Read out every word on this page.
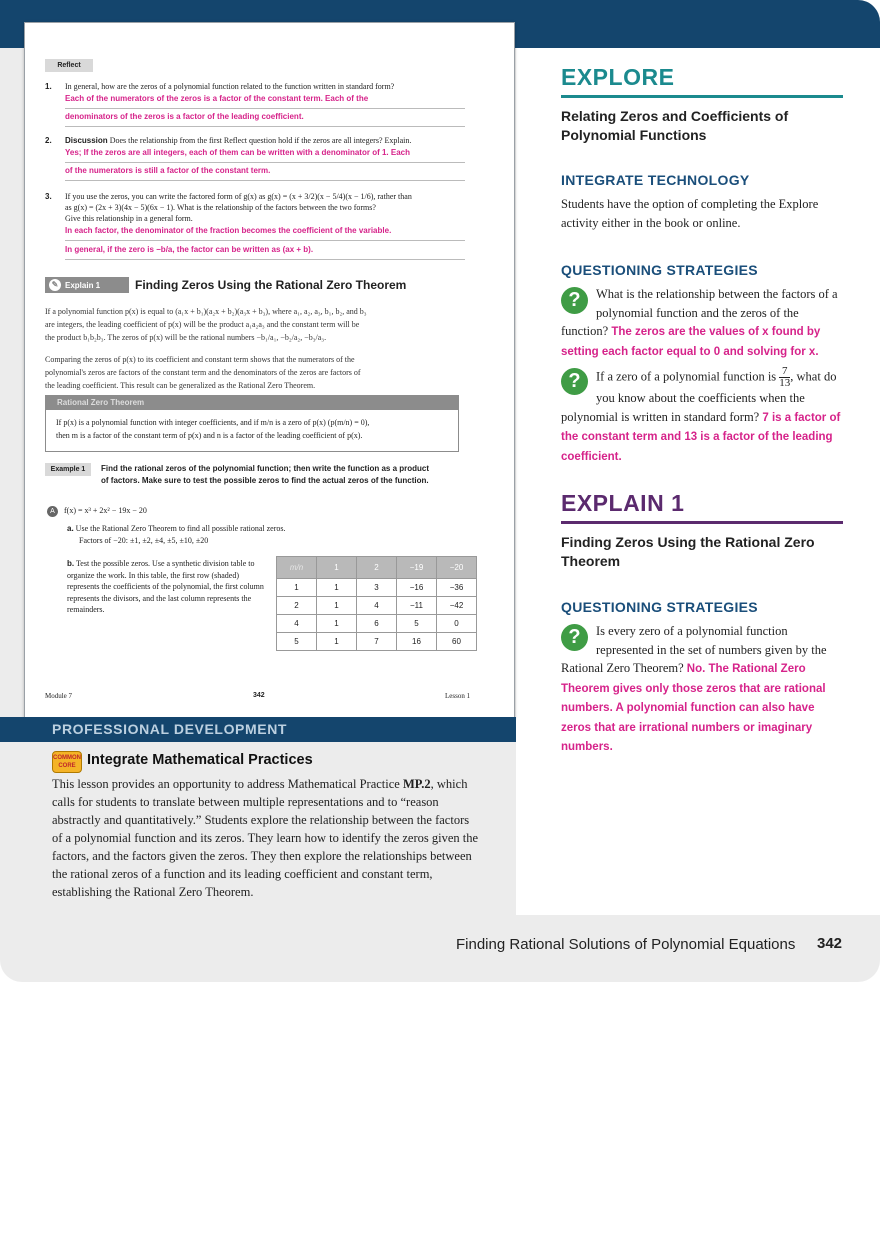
Reflect
1. In general, how are the zeros of a polynomial function related to the function written in standard form?
Each of the numerators of the zeros is a factor of the constant term. Each of the
denominators of the zeros is a factor of the leading coefficient.
2. Discussion Does the relationship from the first Reflect question hold if the zeros are all integers? Explain.
Yes; If the zeros are all integers, each of them can be written with a denominator of 1. Each
of the numerators is still a factor of the constant term.
3. If you use the zeros, you can write the factored form of g(x) as g(x) = (x + 3/2)(x − 5/4)(x − 1/6), rather than
as g(x) = (2x + 3)(4x − 5)(6x − 1). What is the relationship of the factors between the two forms?
Give this relationship in a general form.
In each factor, the denominator of the fraction becomes the coefficient of the variable.
In general, if the zero is −b/a, the factor can be written as (ax + b).
✎ Explain 1	Finding Zeros Using the Rational Zero Theorem
If a polynomial function p(x) is equal to (a₁x + b₁)(a₂x + b₂)(a₃x + b₃), where a₁, a₂, a₃, b₁, b₂, and b₃
are integers, the leading coefficient of p(x) will be the product a₁a₂a₃ and the constant term will be
the product b₁b₂b₃. The zeros of p(x) will be the rational numbers −b₁/a₁, −b₂/a₂, −b₃/a₃.
Comparing the zeros of p(x) to its coefficient and constant term shows that the numerators of the
polynomial's zeros are factors of the constant term and the denominators of the zeros are factors of
the leading coefficient. This result can be generalized as the Rational Zero Theorem.
Rational Zero Theorem
If p(x) is a polynomial function with integer coefficients, and if m/n is a zero of p(x) (p(m/n) = 0),
then m is a factor of the constant term of p(x) and n is a factor of the leading coefficient of p(x).
Example 1	Find the rational zeros of the polynomial function; then write the function as a product of factors. Make sure to test the possible zeros to find the actual zeros of the function.
A f(x) = x³ + 2x² − 19x − 20
a. Use the Rational Zero Theorem to find all possible rational zeros.
Factors of −20: ±1, ±2, ±4, ±5, ±10, ±20
b. Test the possible zeros. Use a synthetic division table to organize the work. In this table, the first row (shaded) represents the coefficients of the polynomial, the first column represents the divisors, and the last column represents the remainders.
m/n	1	2	−19	−20
1	1	3	−16	−36
2	1	4	−11	−42
4	1	6	5	0
5	1	7	16	60
Module 7	342	Lesson 1
PROFESSIONAL DEVELOPMENT
COMMON CORE Integrate Mathematical Practices
This lesson provides an opportunity to address Mathematical Practice MP.2, which calls for students to translate between multiple representations and to “reason abstractly and quantitatively.” Students explore the relationship between the factors of a polynomial function and its zeros. They learn how to identify the zeros given the factors, and the factors given the zeros. They then explore the relationships between the rational zeros of a function and its leading coefficient and constant term, establishing the Rational Zero Theorem.
EXPLORE
Relating Zeros and Coefficients of Polynomial Functions
INTEGRATE TECHNOLOGY
Students have the option of completing the Explore activity either in the book or online.
QUESTIONING STRATEGIES
?	What is the relationship between the factors of a polynomial function and the zeros of the function? The zeros are the values of x found by setting each factor equal to 0 and solving for x.
?	If a zero of a polynomial function is $\frac{7}{13}$ , what do you know about the coefficients when the polynomial is written in standard form? 7 is a factor of the constant term and 13 is a factor of the leading coefficient.
EXPLAIN 1
Finding Zeros Using the Rational Zero Theorem
QUESTIONING STRATEGIES
?	Is every zero of a polynomial function represented in the set of numbers given by the Rational Zero Theorem? No. The Rational Zero Theorem gives only those zeros that are rational numbers. A polynomial function can also have zeros that are irrational numbers or imaginary numbers.
Finding Rational Solutions of Polynomial Equations 342
